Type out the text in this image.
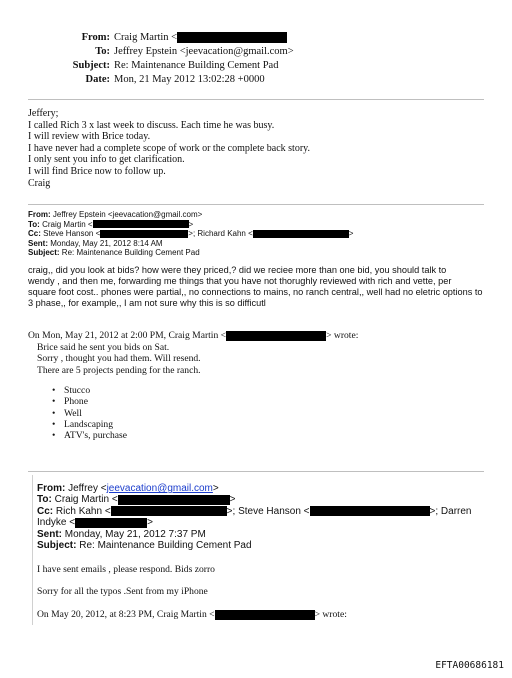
From: Craig Martin <
To: Jeffrey Epstein <jeevacation@gmail.com>
Subject: Re: Maintenance Building Cement Pad
Date: Mon, 21 May 2012 13:02:28 +0000
Jeffery;
I called Rich 3 x last week to discuss. Each time he was busy.
I will review with Brice today.
I have never had a complete scope of work or the complete back story.
I only sent you info to get clarification.
I will find Brice now to follow up.
Craig
From: Jeffrey Epstein <jeevacation@gmail.com>
To: Craig Martin <	>
Cc: Steve Hanson <	>; Richard Kahn <	>
Sent: Monday, May 21, 2012 8:14 AM
Subject: Re: Maintenance Building Cement Pad
craig,, did you look at bids? how were they priced,? did we reciee more than one bid, you should talk to
wendy , and then me, forwarding me things that you have not thorughly reviewed with rich and vette, per
square foot cost.. phones were partial,, no connections to mains, no ranch central,, well had no eletric options to
3 phase,, for example,, I am not sure why this is so difficutl
On Mon, May 21, 2012 at 2:00 PM, Craig Martin <	> wrote:
Brice said he sent you bids on Sat.
Sorry , thought you had them. Will resend.
There are 5 projects pending for the ranch.
• Stucco
• Phone
• Well
• Landscaping
• ATV's, purchase
From: Jeffrey <jeevacation@gmail.com>
To: Craig Martin <	>
Cc: Rich Kahn <	>; Steve Hanson <	>; Darren
Indyke <	>
Sent: Monday, May 21, 2012 7:37 PM
Subject: Re: Maintenance Building Cement Pad
I have sent emails , please respond. Bids zorro
Sorry for all the typos .Sent from my iPhone
On May 20, 2012, at 8:23 PM, Craig Martin <	> wrote:
EFTA00686181
